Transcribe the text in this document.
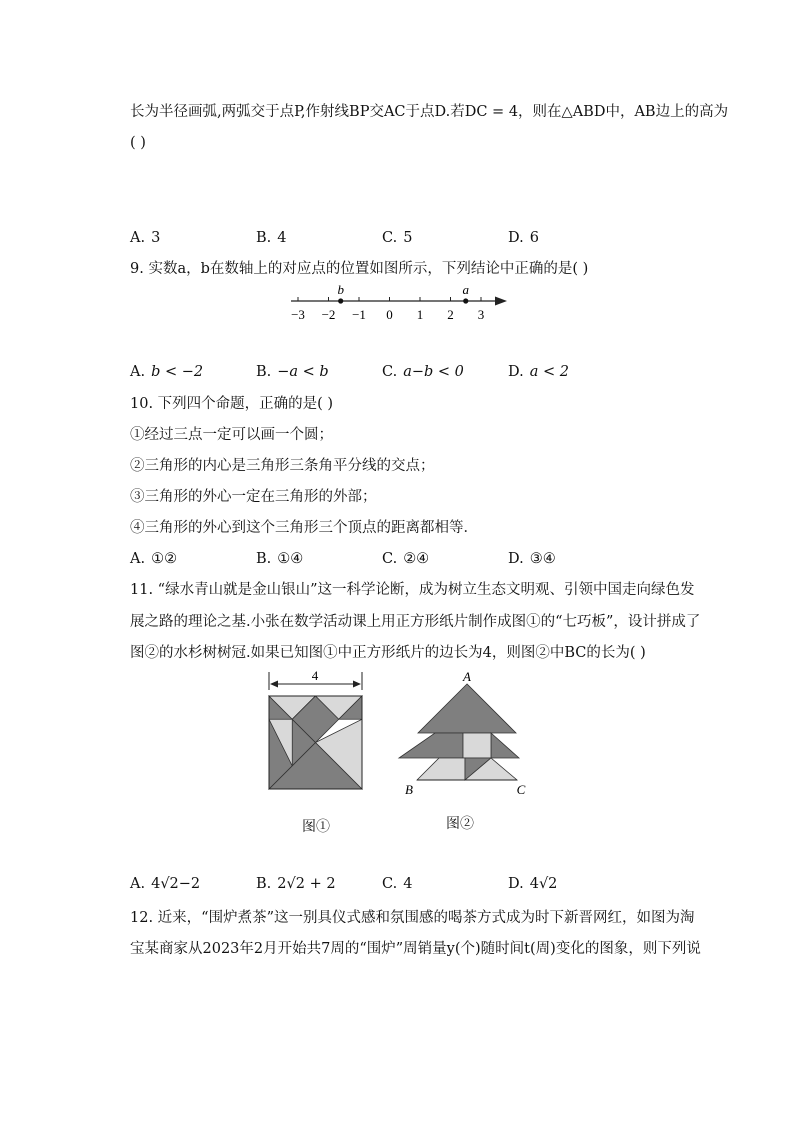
长为半径画弧,两弧交于点P,作射线BP交AC于点D.若DC = 4，则在△ABD中，AB边上的高为
( )
A. 3	B. 4	C. 5	D. 6
9. 实数a，b在数轴上的对应点的位置如图所示，下列结论中正确的是( )
−3 −2 −1 0 1 2 3
b	a
A. b < −2	B. −a < b	C. a−b < 0	D. a < 2
10. 下列四个命题，正确的是( )
①经过三点一定可以画一个圆；
②三角形的内心是三角形三条角平分线的交点；
③三角形的外心一定在三角形的外部；
④三角形的外心到这个三角形三个顶点的距离都相等．
A. ①②	B. ①④	C. ②④	D. ③④
11. “绿水青山就是金山银山”这一科学论断，成为树立生态文明观、引领中国走向绿色发
展之路的理论之基.小张在数学活动课上用正方形纸片制作成图①的“七巧板”，设计拼成了
图②的水杉树树冠.如果已知图①中正方形纸片的边长为4，则图②中BC的长为( )
4
图①
A
B	C
图②
A. 4√2−2	B. 2√2 + 2	C. 4	D. 4√2
12. 近来，“围炉煮茶”这一别具仪式感和氛围感的喝茶方式成为时下新晋网红，如图为淘
宝某商家从2023年2月开始共7周的“围炉”周销量y(个)随时间t(周)变化的图象，则下列说
